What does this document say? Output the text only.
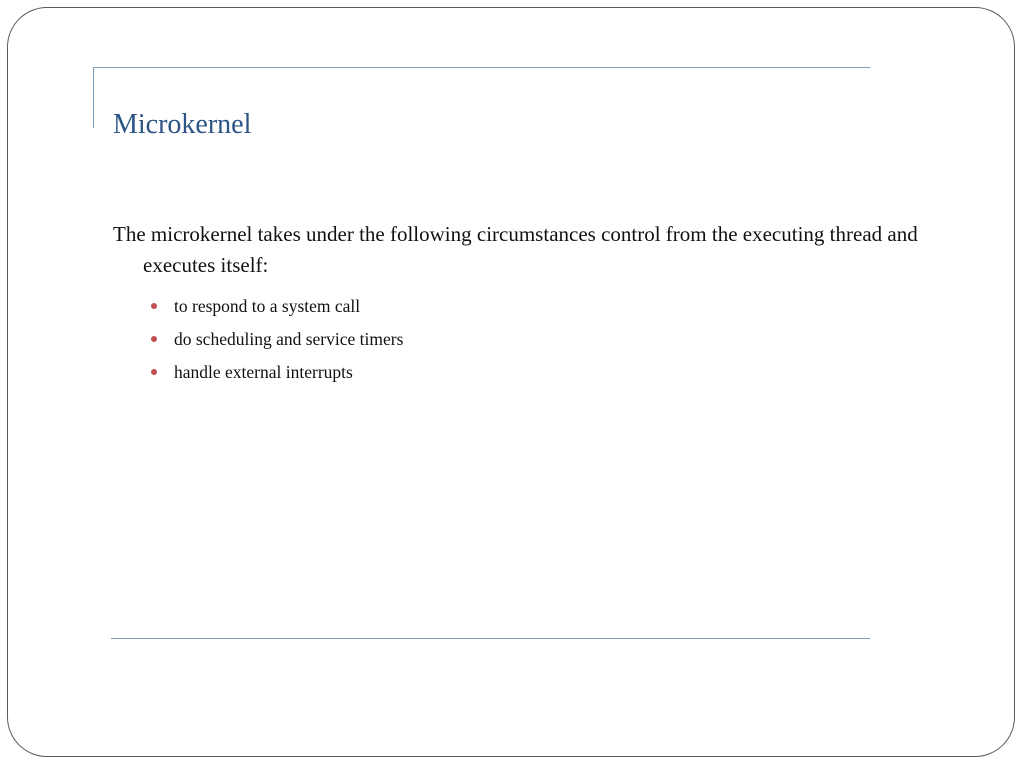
Microkernel

The microkernel takes under the following circumstances control from the executing thread and executes itself:

to respond to a system call
do scheduling and service timers
handle external interrupts
